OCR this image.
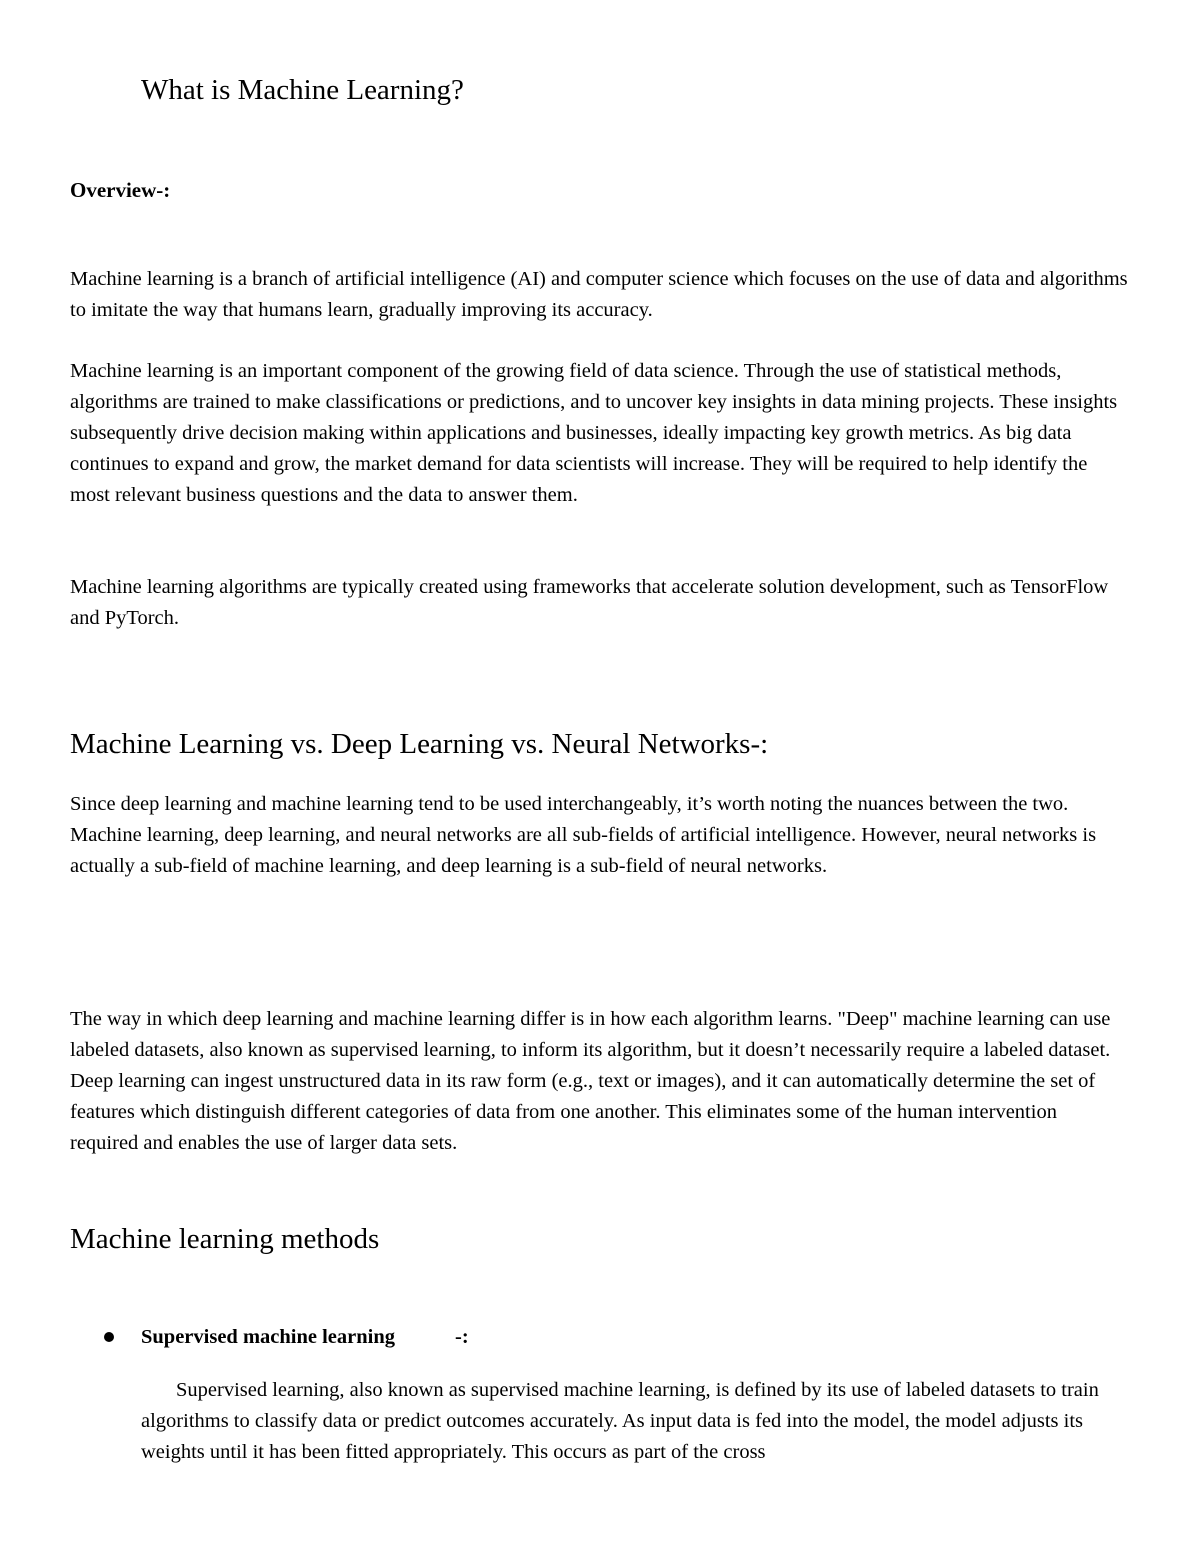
What is Machine Learning?
Overview-:

Machine learning is a branch of artificial intelligence (AI) and computer science which focuses on the use of data and algorithms to imitate the way that humans learn, gradually improving its accuracy.

Machine learning is an important component of the growing field of data science. Through the use of statistical methods, algorithms are trained to make classifications or predictions, and to uncover key insights in data mining projects. These insights subsequently drive decision making within applications and businesses, ideally impacting key growth metrics. As big data continues to expand and grow, the market demand for data scientists will increase. They will be required to help identify the most relevant business questions and the data to answer them.

Machine learning algorithms are typically created using frameworks that accelerate solution development, such as TensorFlow and PyTorch.

Machine Learning vs. Deep Learning vs. Neural Networks-:

Since deep learning and machine learning tend to be used interchangeably, it’s worth noting the nuances between the two. Machine learning, deep learning, and neural networks are all sub-fields of artificial intelligence. However, neural networks is actually a sub-field of machine learning, and deep learning is a sub-field of neural networks.

The way in which deep learning and machine learning differ is in how each algorithm learns. "Deep" machine learning can use labeled datasets, also known as supervised learning, to inform its algorithm, but it doesn’t necessarily require a labeled dataset. Deep learning can ingest unstructured data in its raw form (e.g., text or images), and it can automatically determine the set of features which distinguish different categories of data from one another. This eliminates some of the human intervention required and enables the use of larger data sets.

Machine learning methods
Supervised machine learning	-:

Supervised learning, also known as supervised machine learning, is defined by its use of labeled datasets to train algorithms to classify data or predict outcomes accurately. As input data is fed into the model, the model adjusts its weights until it has been fitted appropriately. This occurs as part of the cross
